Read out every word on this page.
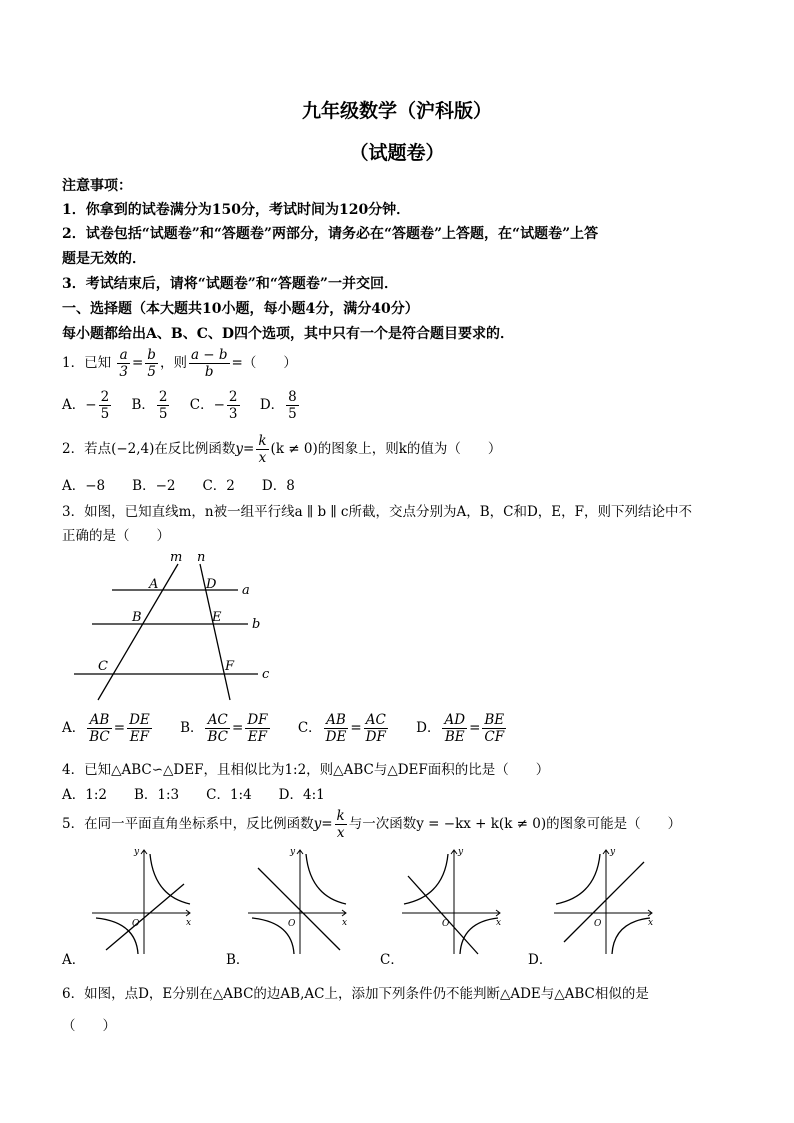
九年级数学（沪科版）
（试题卷）
注意事项：
1．你拿到的试卷满分为150分，考试时间为120分钟．
2．试卷包括“试题卷”和“答题卷”两部分，请务必在“答题卷”上答题，在“试题卷”上答
题是无效的．
3．考试结束后，请将“试题卷”和“答题卷”一并交回．
一、选择题（本大题共10小题，每小题4分，满分40分）
每小题都给出A、B、C、D四个选项，其中只有一个是符合题目要求的．
1．已知 $\frac{a}{3} = \frac{b}{5}$ ，则 $\frac{a - b}{b}$ =（　　）
A．− $\frac{2}{5}$ B． $\frac{2}{5}$ C．− $\frac{2}{3}$ D． $\frac{8}{5}$
2．若点(−2,4)在反比例函数$y= \frac{k}{x} (k \ne 0)$的图象上，则k的值为（　　）
A．−8　　B．−2　　C．2　　D．8
3．如图，已知直线m，n被一组平行线a ∥ b ∥ c所截，交点分别为A，B，C和D，E，F，则下列结论中不
正确的是（　　）
m n
a
b
c
A
B
C
D
E
F
A． $\frac{AB}{BC} = \frac{DE}{EF}$ B． $\frac{AC}{BC} = \frac{DF}{EF}$ C． $\frac{AB}{DE} = \frac{AC}{DF}$ D． $\frac{AD}{BE} = \frac{BE}{CF}$
4．已知△ABC∽△DEF，且相似比为1:2，则△ABC与△DEF面积的比是（　　）
A．1:2　　B．1:3　　C．1:4　　D．4:1
5．在同一平面直角坐标系中，反比例函数$y= \frac{k}{x}$ 与一次函数y = −kx + k(k ≠ 0)的图象可能是（　　）
y
x
O
y
x
O
y
x
O
y
x
O
A．	B．	C．	D．
6．如图，点D，E分别在△ABC的边AB,AC上，添加下列条件仍不能判断△ADE与△ABC相似的是
（　　）
